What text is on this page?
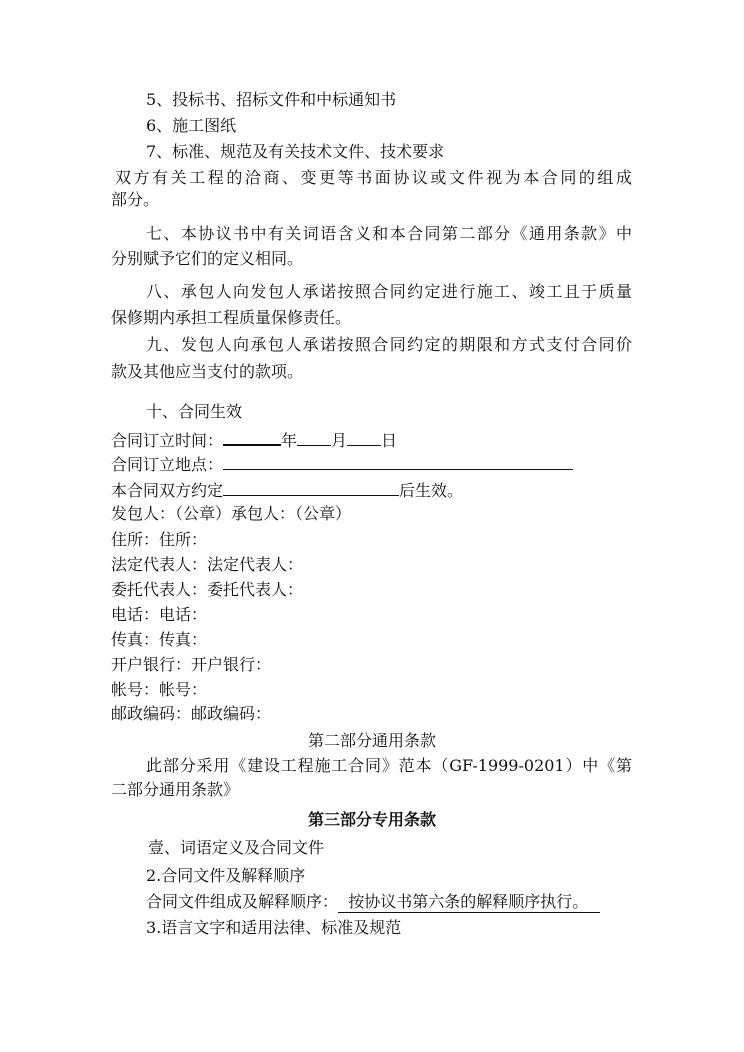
5、投标书、招标文件和中标通知书
6、施工图纸
7、标准、规范及有关技术文件、技术要求
双方有关工程的洽商、变更等书面协议或文件视为本合同的组成
部分。
七、本协议书中有关词语含义和本合同第二部分《通用条款》中
分别赋予它们的定义相同。
八、承包人向发包人承诺按照合同约定进行施工、竣工且于质量
保修期内承担工程质量保修责任。
九、发包人向承包人承诺按照合同约定的期限和方式支付合同价
款及其他应当支付的款项。
十、合同生效
合同订立时间：	年 月 日
合同订立地点：
本合同双方约定	后生效。
发包人：（公章）承包人：（公章）
住所：住所：
法定代表人：法定代表人：
委托代表人：委托代表人：
电话：电话：
传真：传真：
开户银行：开户银行：
帐号：帐号：
邮政编码：邮政编码：
第二部分通用条款
此部分采用《建设工程施工合同》范本（GF-1999-0201）中《第
二部分通用条款》
第三部分专用条款
壹、词语定义及合同文件
2.合同文件及解释顺序
合同文件组成及解释顺序：  按协议书第六条的解释顺序执行。
3.语言文字和适用法律、标准及规范
